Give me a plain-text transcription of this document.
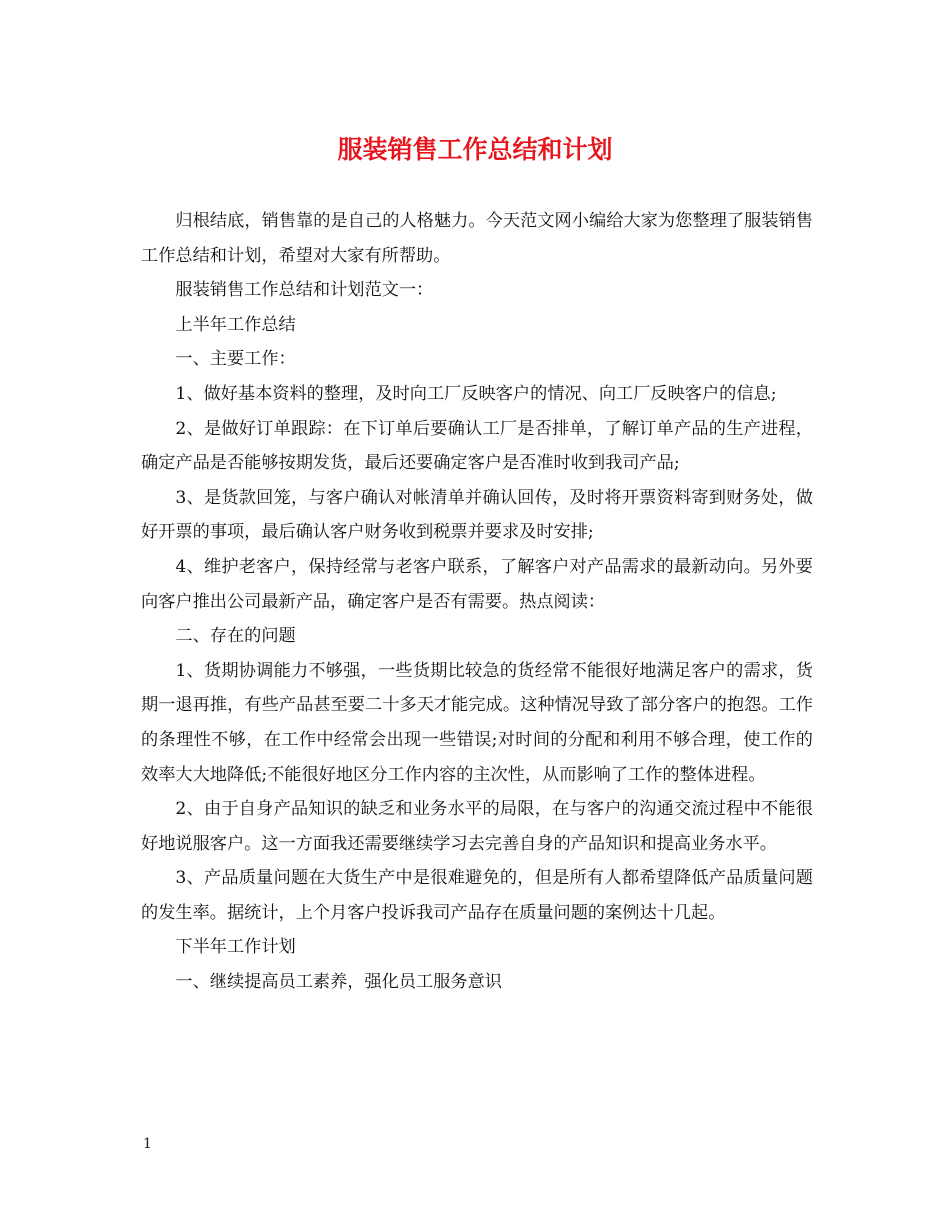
服装销售工作总结和计划

归根结底，销售靠的是自己的人格魅力。今天范文网小编给大家为您整理了服装销售工作总结和计划，希望对大家有所帮助。

服装销售工作总结和计划范文一：

上半年工作总结

一、主要工作：

1、做好基本资料的整理，及时向工厂反映客户的情况、向工厂反映客户的信息;

2、是做好订单跟踪：在下订单后要确认工厂是否排单，了解订单产品的生产进程，确定产品是否能够按期发货，最后还要确定客户是否准时收到我司产品;

3、是货款回笼，与客户确认对帐清单并确认回传，及时将开票资料寄到财务处，做好开票的事项，最后确认客户财务收到税票并要求及时安排;

4、维护老客户，保持经常与老客户联系，了解客户对产品需求的最新动向。另外要向客户推出公司最新产品，确定客户是否有需要。热点阅读：

二、存在的问题

1、货期协调能力不够强，一些货期比较急的货经常不能很好地满足客户的需求，货期一退再推，有些产品甚至要二十多天才能完成。这种情况导致了部分客户的抱怨。工作的条理性不够，在工作中经常会出现一些错误;对时间的分配和利用不够合理，使工作的效率大大地降低;不能很好地区分工作内容的主次性，从而影响了工作的整体进程。

2、由于自身产品知识的缺乏和业务水平的局限，在与客户的沟通交流过程中不能很好地说服客户。这一方面我还需要继续学习去完善自身的产品知识和提高业务水平。

3、产品质量问题在大货生产中是很难避免的，但是所有人都希望降低产品质量问题的发生率。据统计，上个月客户投诉我司产品存在质量问题的案例达十几起。

下半年工作计划

一、继续提高员工素养，强化员工服务意识

1
